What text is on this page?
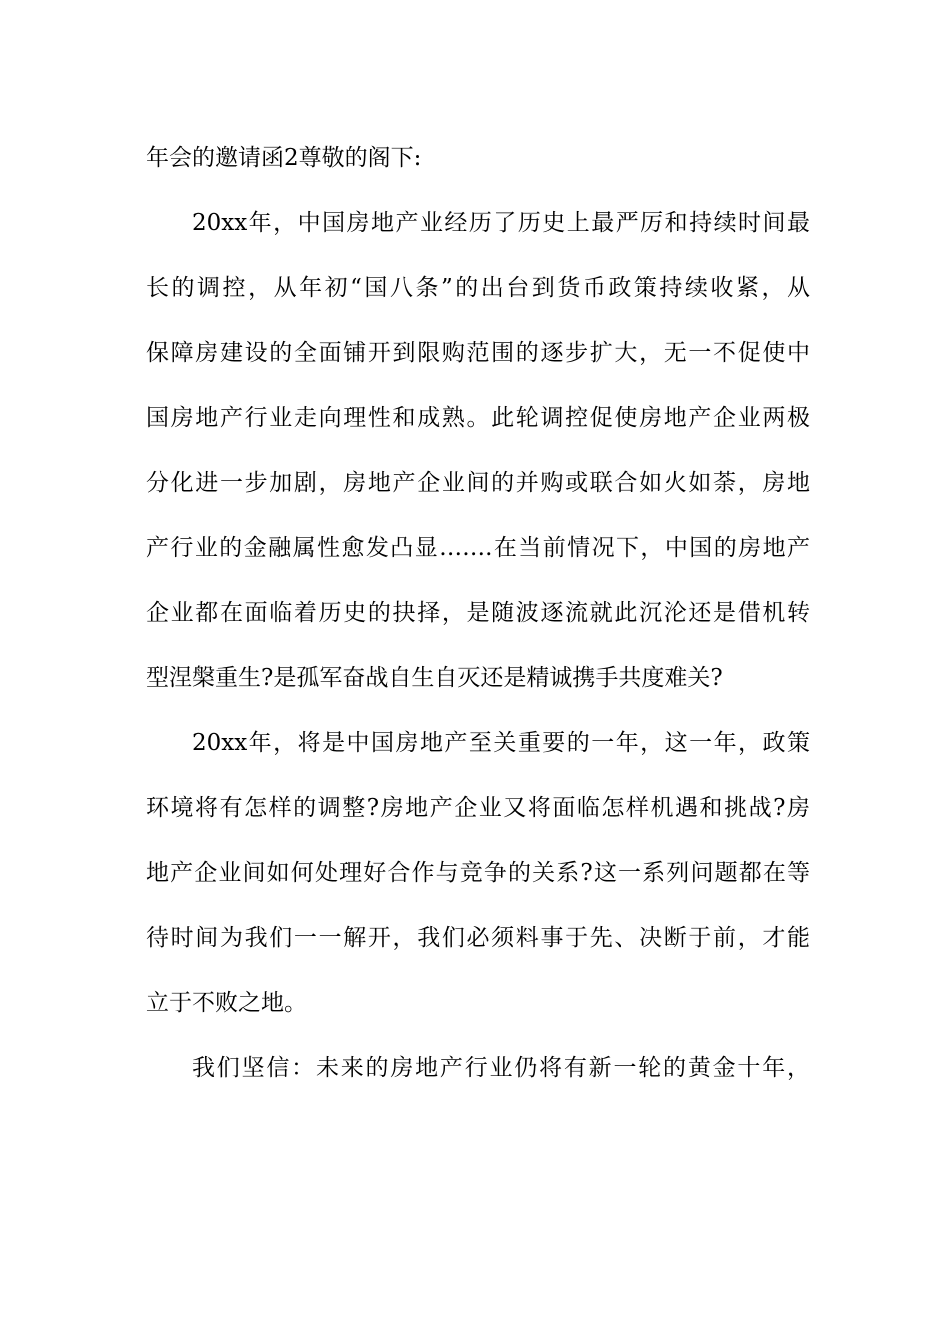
年会的邀请函2尊敬的阁下:
20xx年，中国房地产业经历了历史上最严厉和持续时间最
长的调控，从年初“国八条”的出台到货币政策持续收紧，从
保障房建设的全面铺开到限购范围的逐步扩大，无一不促使中
国房地产行业走向理性和成熟。此轮调控促使房地产企业两极
分化进一步加剧，房地产企业间的并购或联合如火如荼，房地
产行业的金融属性愈发凸显…….在当前情况下，中国的房地产
企业都在面临着历史的抉择，是随波逐流就此沉沦还是借机转
型涅槃重生?是孤军奋战自生自灭还是精诚携手共度难关?
20xx年，将是中国房地产至关重要的一年，这一年，政策
环境将有怎样的调整?房地产企业又将面临怎样机遇和挑战?房
地产企业间如何处理好合作与竞争的关系?这一系列问题都在等
待时间为我们一一解开，我们必须料事于先、决断于前，才能
立于不败之地。
我们坚信：未来的房地产行业仍将有新一轮的黄金十年，
